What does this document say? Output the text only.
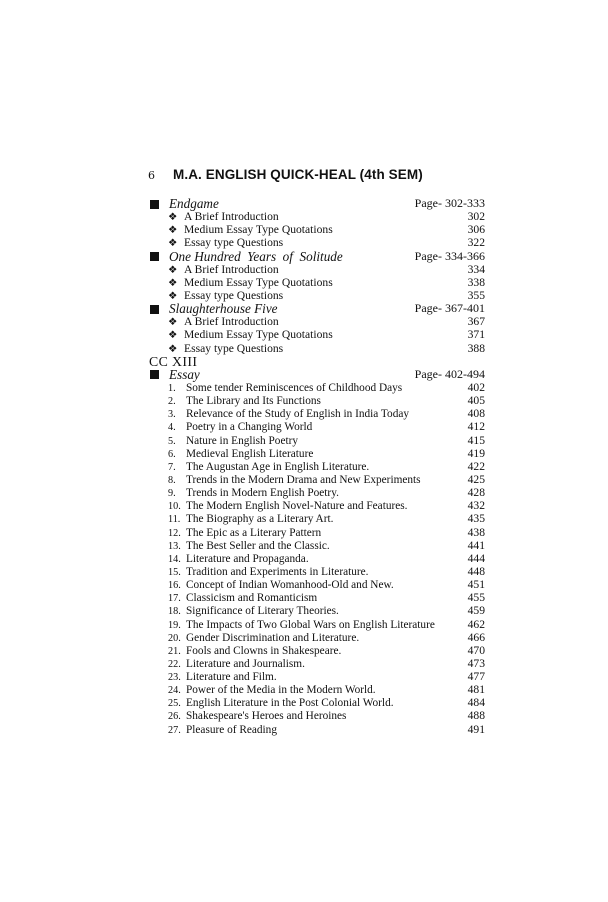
6 M.A. ENGLISH QUICK-HEAL (4th SEM)
Endgame	Page- 302-333
❖ A Brief Introduction	302
❖ Medium Essay Type Quotations	306
❖ Essay type Questions	322
One Hundred  Years  of  Solitude	Page- 334-366
❖ A Brief Introduction	334
❖ Medium Essay Type Quotations	338
❖ Essay type Questions	355
Slaughterhouse Five	Page- 367-401
❖ A Brief Introduction	367
❖ Medium Essay Type Quotations	371
❖ Essay type Questions	388
CC XIII
Essay	Page- 402-494
1. Some tender Reminiscences of Childhood Days	402
2. The Library and Its Functions	405
3. Relevance of the Study of English in India Today	408
4. Poetry in a Changing World	412
5. Nature in English Poetry	415
6. Medieval English Literature	419
7. The Augustan Age in English Literature.	422
8. Trends in the Modern Drama and New Experiments	425
9. Trends in Modern English Poetry.	428
10. The Modern English Novel-Nature and Features.	432
11. The Biography as a Literary Art.	435
12. The Epic as a Literary Pattern	438
13. The Best Seller and the Classic.	441
14. Literature and Propaganda.	444
15. Tradition and Experiments in Literature.	448
16. Concept of Indian Womanhood-Old and New.	451
17. Classicism and Romanticism	455
18. Significance of Literary Theories.	459
19. The Impacts of Two Global Wars on English Literature	462
20. Gender Discrimination and Literature.	466
21. Fools and Clowns in Shakespeare.	470
22. Literature and Journalism.	473
23. Literature and Film.	477
24. Power of the Media in the Modern World.	481
25. English Literature in the Post Colonial World.	484
26. Shakespeare's Heroes and Heroines	488
27. Pleasure of Reading	491
